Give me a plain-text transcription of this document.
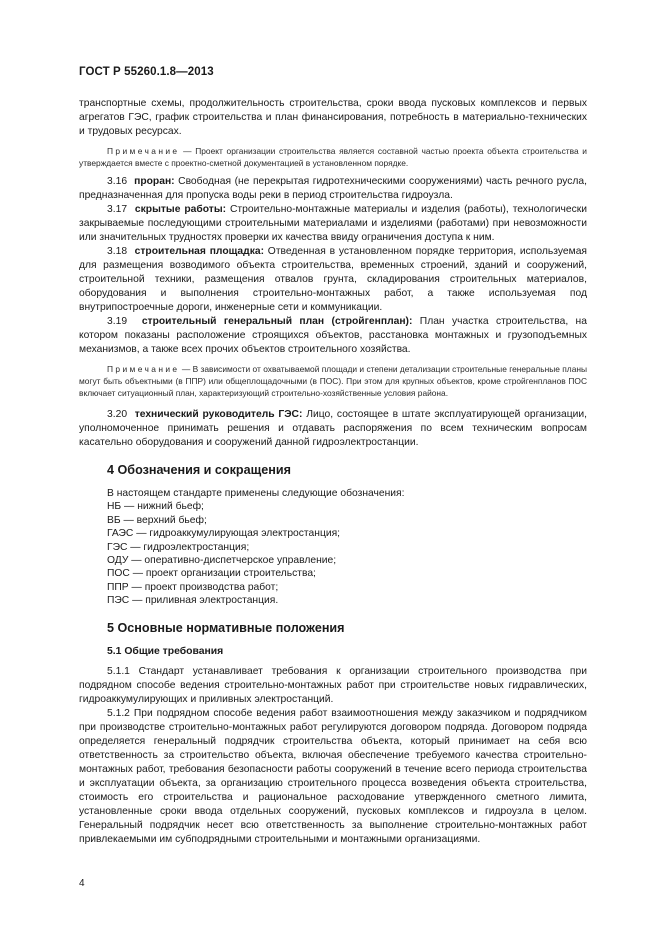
ГОСТ Р 55260.1.8—2013

транспортные схемы, продолжительность строительства, сроки ввода пусковых комплексов и первых агрегатов ГЭС, график строительства и план финансирования, потребность в материально-технических и трудовых ресурсах.

Примечание — Проект организации строительства является составной частью проекта объекта строительства и утверждается вместе с проектно-сметной документацией в установленном порядке.

3.16 проран: Свободная (не перекрытая гидротехническими сооружениями) часть речного русла, предназначенная для пропуска воды реки в период строительства гидроузла.

3.17 скрытые работы: Строительно-монтажные материалы и изделия (работы), технологически закрываемые последующими строительными материалами и изделиями (работами) при невозможности или значительных трудностях проверки их качества ввиду ограничения доступа к ним.

3.18 строительная площадка: Отведенная в установленном порядке территория, используемая для размещения возводимого объекта строительства, временных строений, зданий и сооружений, строительной техники, размещения отвалов грунта, складирования строительных материалов, оборудования и выполнения строительно-монтажных работ, а также используемая под внутрипостроечные дороги, инженерные сети и коммуникации.

3.19 строительный генеральный план (стройгенплан): План участка строительства, на котором показаны расположение строящихся объектов, расстановка монтажных и грузоподъемных механизмов, а также всех прочих объектов строительного хозяйства.

Примечание — В зависимости от охватываемой площади и степени детализации строительные генеральные планы могут быть объектными (в ППР) или общеплощадочными (в ПОС). При этом для крупных объектов, кроме стройгенпланов ПОС включает ситуационный план, характеризующий строительно-хозяйственные условия района.

3.20 технический руководитель ГЭС: Лицо, состоящее в штате эксплуатирующей организации, уполномоченное принимать решения и отдавать распоряжения по всем техническим вопросам касательно оборудования и сооружений данной гидроэлектростанции.

4 Обозначения и сокращения
В настоящем стандарте применены следующие обозначения:
НБ — нижний бьеф;
ВБ — верхний бьеф;
ГАЭС — гидроаккумулирующая электростанция;
ГЭС — гидроэлектростанция;
ОДУ — оперативно-диспетчерское управление;
ПОС — проект организации строительства;
ППР — проект производства работ;
ПЭС — приливная электростанция.
5 Основные нормативные положения
5.1 Общие требования

5.1.1 Стандарт устанавливает требования к организации строительного производства при подрядном способе ведения строительно-монтажных работ при строительстве новых гидравлических, гидроаккумулирующих и приливных электростанций.

5.1.2 При подрядном способе ведения работ взаимоотношения между заказчиком и подрядчиком при производстве строительно-монтажных работ регулируются договором подряда. Договором подряда определяется генеральный подрядчик строительства объекта, который принимает на себя всю ответственность за строительство объекта, включая обеспечение требуемого качества строительно-монтажных работ, требования безопасности работы сооружений в течение всего периода строительства и эксплуатации объекта, за организацию строительного процесса возведения объекта строительства, стоимость его строительства и рациональное расходование утвержденного сметного лимита, установленные сроки ввода отдельных сооружений, пусковых комплексов и гидроузла в целом. Генеральный подрядчик несет всю ответственность за выполнение строительно-монтажных работ привлекаемыми им субподрядными строительными и монтажными организациями.

4
